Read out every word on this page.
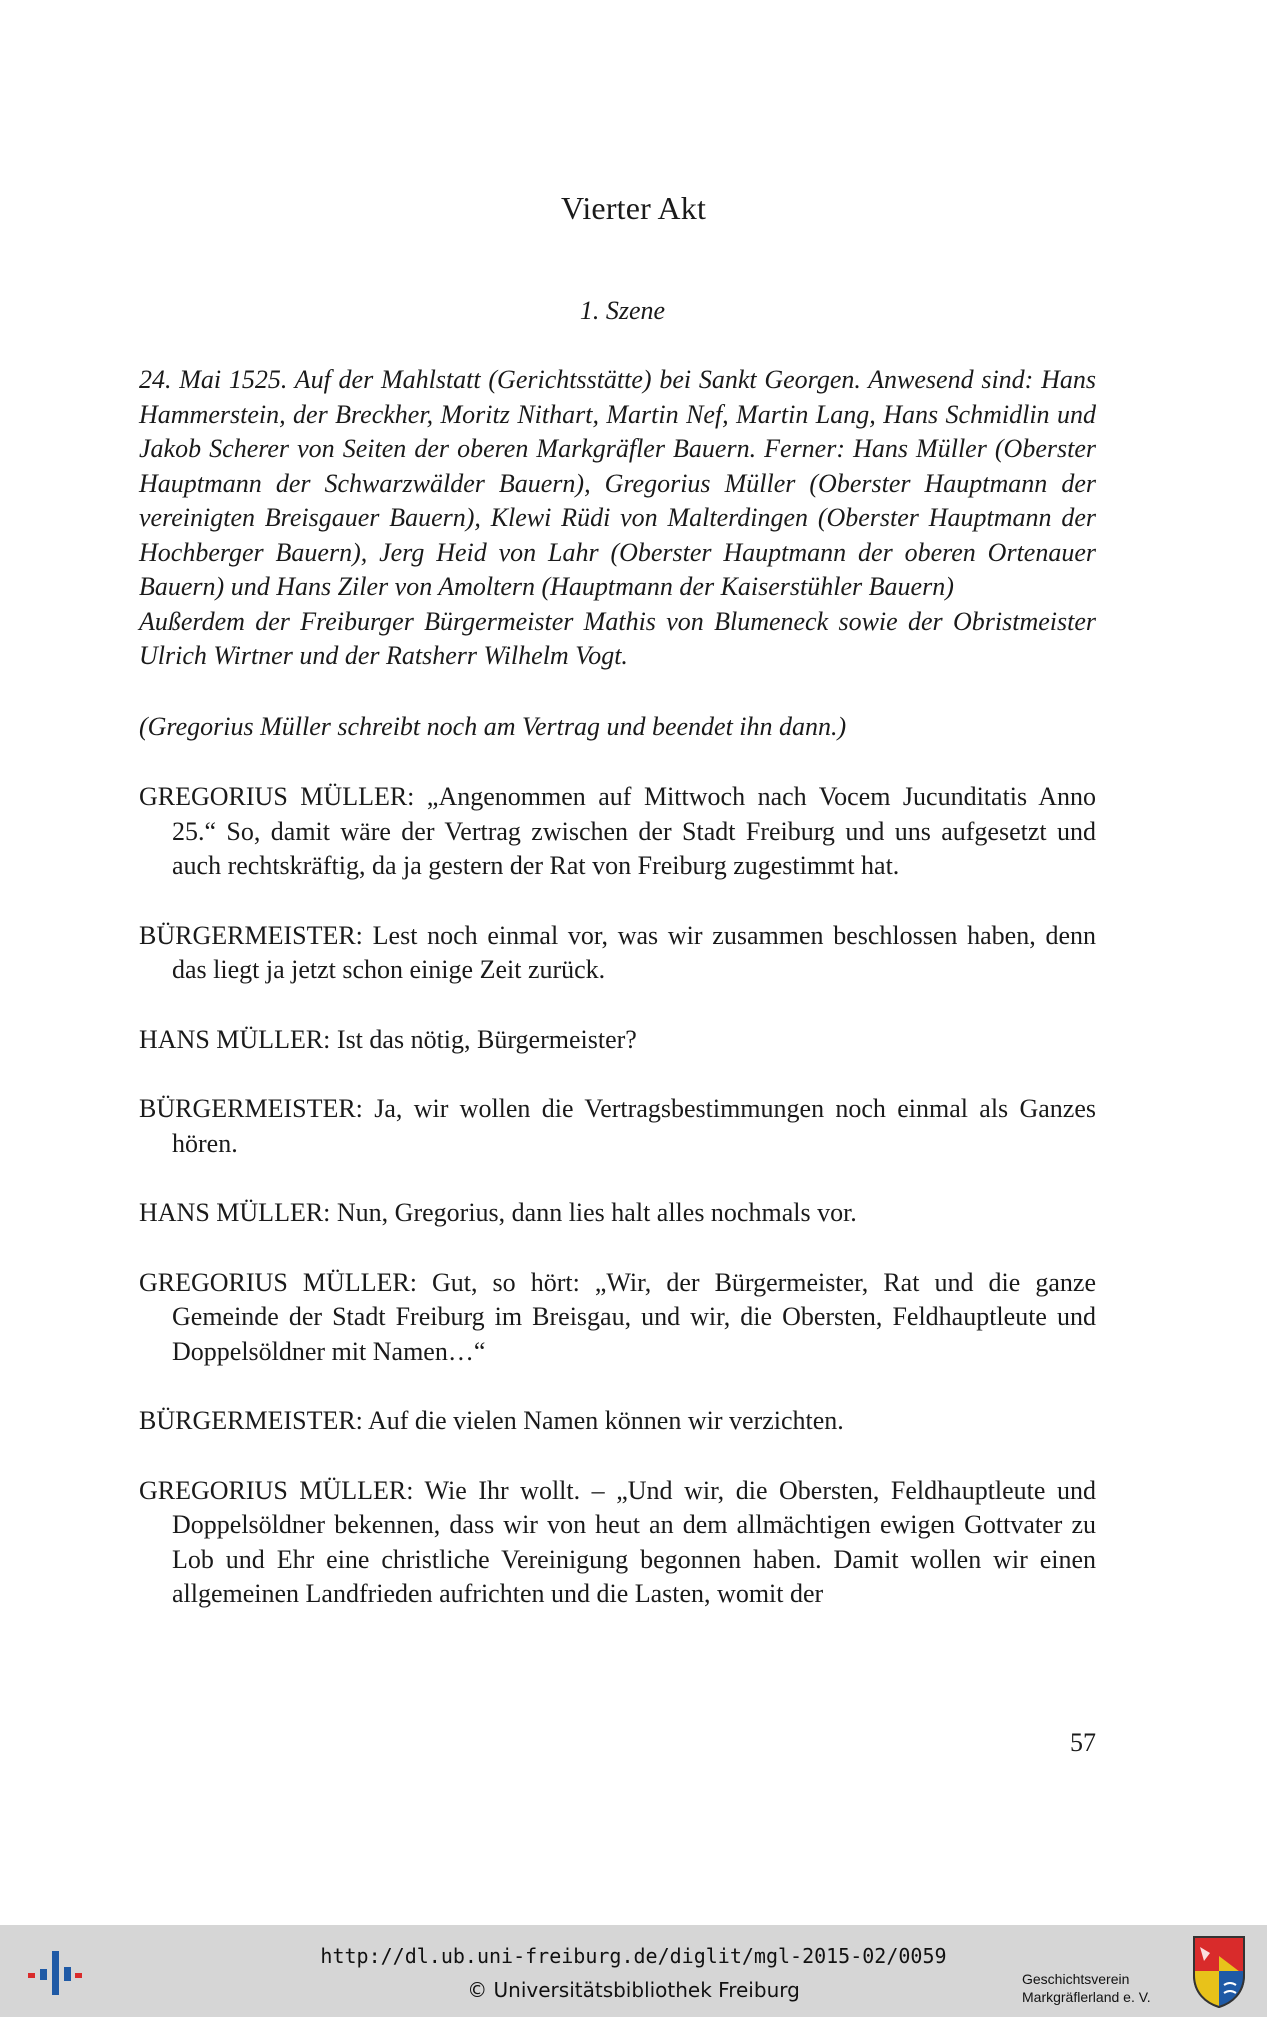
Vierter Akt
1. Szene

24. Mai 1525. Auf der Mahlstatt (Gerichtsstätte) bei Sankt Georgen. Anwesend sind: Hans Hammerstein, der Breckher, Moritz Nithart, Martin Nef, Martin Lang, Hans Schmidlin und Jakob Scherer von Seiten der oberen Markgräfler Bauern. Ferner: Hans Müller (Oberster Hauptmann der Schwarzwälder Bauern), Gregorius Müller (Oberster Hauptmann der vereinigten Breisgauer Bauern), Klewi Rüdi von Malterdingen (Oberster Hauptmann der Hochberger Bauern), Jerg Heid von Lahr (Oberster Hauptmann der oberen Ortenauer Bauern) und Hans Ziler von Amoltern (Hauptmann der Kaiserstühler Bauern)

Außerdem der Freiburger Bürgermeister Mathis von Blumeneck sowie der Obristmeister Ulrich Wirtner und der Ratsherr Wilhelm Vogt.

(Gregorius Müller schreibt noch am Vertrag und beendet ihn dann.)

GREGORIUS MÜLLER: „Angenommen auf Mittwoch nach Vocem Jucunditatis Anno 25.“ So, damit wäre der Vertrag zwischen der Stadt Freiburg und uns aufgesetzt und auch rechtskräftig, da ja gestern der Rat von Freiburg zugestimmt hat.

BÜRGERMEISTER: Lest noch einmal vor, was wir zusammen beschlossen haben, denn das liegt ja jetzt schon einige Zeit zurück.

HANS MÜLLER: Ist das nötig, Bürgermeister?

BÜRGERMEISTER: Ja, wir wollen die Vertragsbestimmungen noch einmal als Ganzes hören.

HANS MÜLLER: Nun, Gregorius, dann lies halt alles nochmals vor.

GREGORIUS MÜLLER: Gut, so hört: „Wir, der Bürgermeister, Rat und die ganze Gemeinde der Stadt Freiburg im Breisgau, und wir, die Obersten, Feldhauptleute und Doppelsöldner mit Namen…“

BÜRGERMEISTER: Auf die vielen Namen können wir verzichten.

GREGORIUS MÜLLER: Wie Ihr wollt. – „Und wir, die Obersten, Feldhauptleute und Doppelsöldner bekennen, dass wir von heut an dem allmächtigen ewigen Gottvater zu Lob und Ehr eine christliche Vereinigung begonnen haben. Damit wollen wir einen allgemeinen Landfrieden aufrichten und die Lasten, womit der

57
http://dl.ub.uni-freiburg.de/diglit/mgl-2015-02/0059
© Universitätsbibliothek Freiburg	Geschichtsverein
Markgräflerland e. V.
